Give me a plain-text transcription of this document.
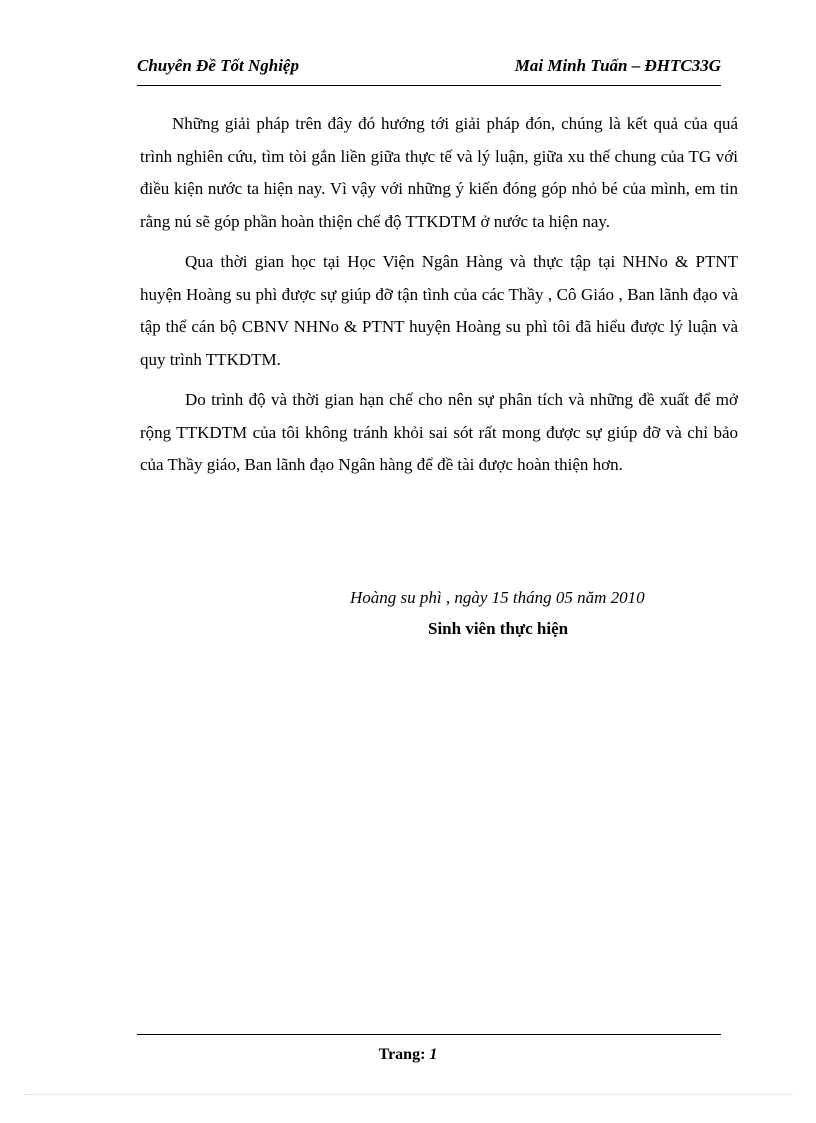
Chuyên Đề Tốt Nghiệp	Mai Minh Tuấn – ĐHTC33G

Những giải pháp trên đây đó hướng tới giải pháp đón, chúng là kết quả của quá trình nghiên cứu, tìm tòi gắn liền giữa thực tế và lý luận, giữa xu thế chung của TG với điều kiện nước ta hiện nay. Vì vậy với những ý kiến đóng góp nhỏ bé của mình, em tin rằng nú sẽ góp phần hoàn thiện chế độ TTKDTM ở nước ta hiện nay.

Qua thời gian học tại Học Viện Ngân Hàng và thực tập tại NHNo & PTNT huyện Hoàng su phì được sự giúp đỡ tận tình của các Thầy , Cô Giáo , Ban lãnh đạo và tập thể cán bộ CBNV NHNo & PTNT huyện Hoàng su phì tôi đã hiểu được lý luận và quy trình TTKDTM.

Do trình độ và thời gian hạn chế cho nên sự phân tích và những đề xuất để mở rộng TTKDTM của tôi không tránh khỏi sai sót rất mong được sự giúp đỡ và chỉ bảo của Thầy giáo, Ban lãnh đạo Ngân hàng để đề tài được hoàn thiện hơn.

Hoàng su phì , ngày 15 tháng 05 năm 2010
Sinh viên thực hiện
Trang: 1
